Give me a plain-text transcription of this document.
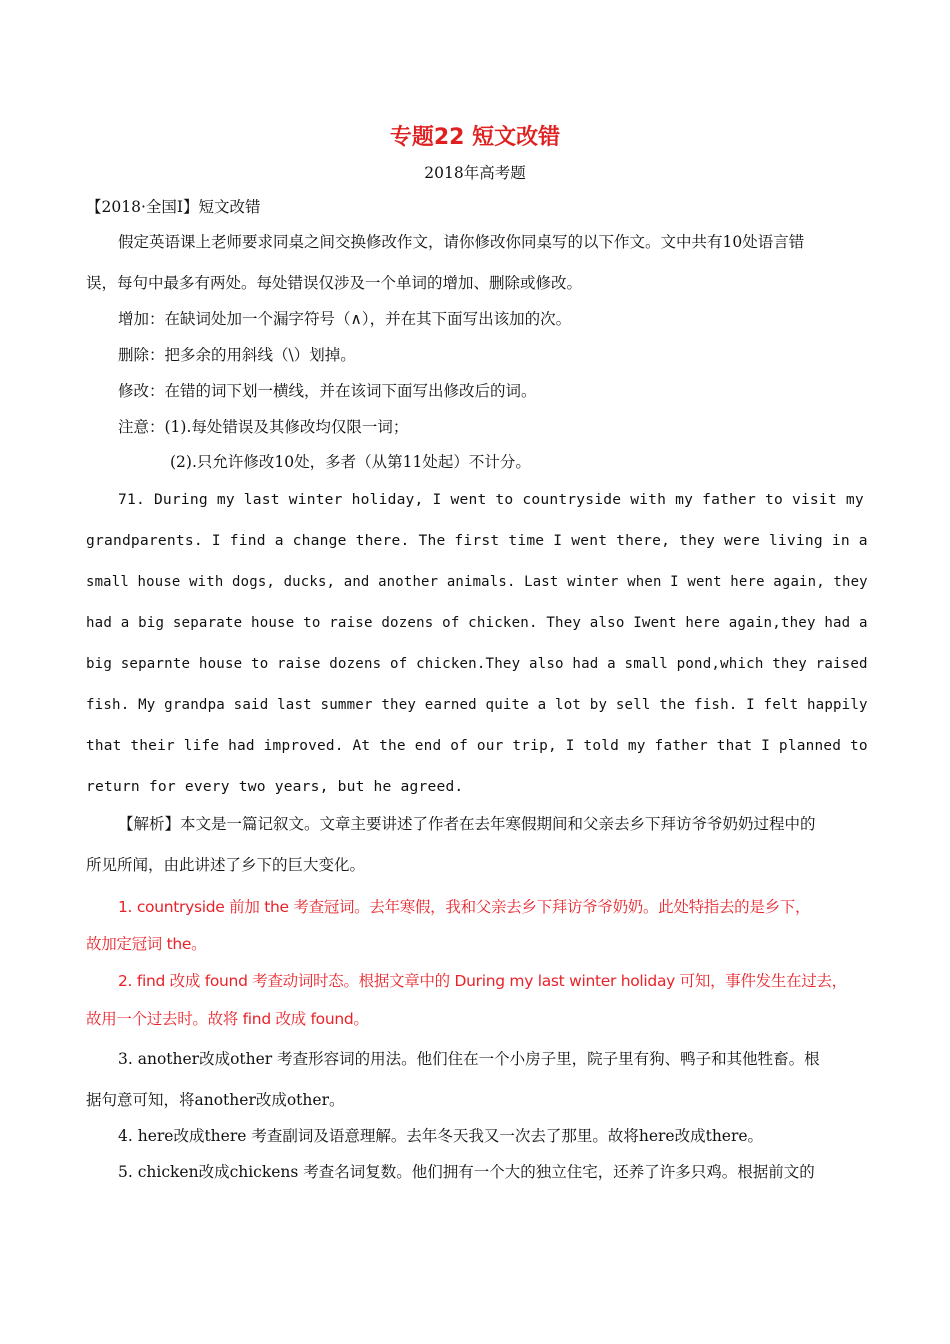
专题22 短文改错
2018年高考题
【2018·全国I】短文改错
假定英语课上老师要求同桌之间交换修改作文，请你修改你同桌写的以下作文。文中共有10处语言错
误，每句中最多有两处。每处错误仅涉及一个单词的增加、删除或修改。
增加：在缺词处加一个漏字符号（∧），并在其下面写出该加的次。
删除：把多余的用斜线（\）划掉。
修改：在错的词下划一横线，并在该词下面写出修改后的词。
注意：(1).每处错误及其修改均仅限一词；
(2).只允许修改10处，多者（从第11处起）不计分。
71. During my last winter holiday, I went to countryside with my father to visit my
grandparents. I find a change there. The first time I went there, they were living in a
small house with dogs, ducks, and another animals. Last winter when I went here again, they
had a big separate house to raise dozens of chicken. They also Iwent here again,they had a
big separnte house to raise dozens of chicken.They also had a small pond,which they raised
fish. My grandpa said last summer they earned quite a lot by sell the fish. I felt happily
that their life had improved. At the end of our trip, I told my father that I planned to
return for every two years, but he agreed.
【解析】本文是一篇记叙文。文章主要讲述了作者在去年寒假期间和父亲去乡下拜访爷爷奶奶过程中的
所见所闻，由此讲述了乡下的巨大变化。
1. countryside 前加 the 考查冠词。去年寒假，我和父亲去乡下拜访爷爷奶奶。此处特指去的是乡下，
故加定冠词 the。
2. find 改成 found 考查动词时态。根据文章中的 During my last winter holiday 可知，事件发生在过去，
故用一个过去时。故将 find 改成 found。
3. another改成other 考查形容词的用法。他们住在一个小房子里，院子里有狗、鸭子和其他牲畜。根
据句意可知，将another改成other。
4. here改成there 考查副词及语意理解。去年冬天我又一次去了那里。故将here改成there。
5. chicken改成chickens 考查名词复数。他们拥有一个大的独立住宅，还养了许多只鸡。根据前文的
